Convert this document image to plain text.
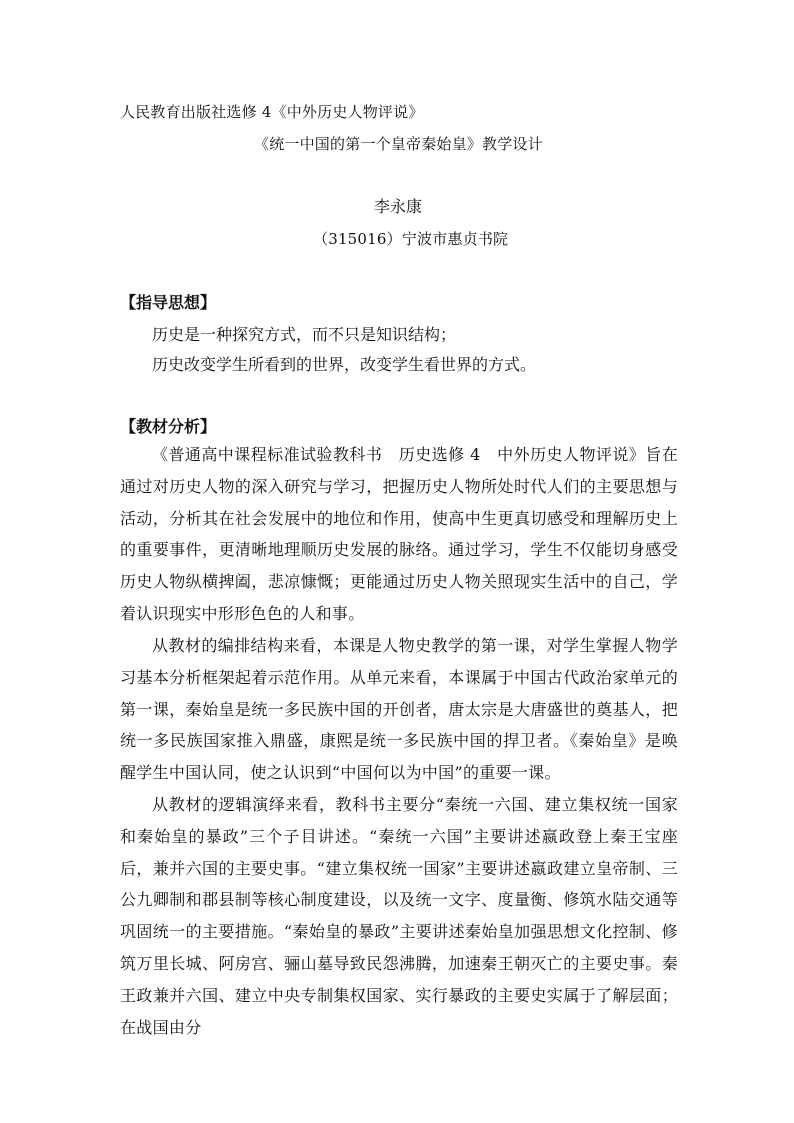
人民教育出版社选修 4《中外历史人物评说》

《统一中国的第一个皇帝秦始皇》教学设计

李永康

（315016）宁波市惠贞书院

【指导思想】

历史是一种探究方式，而不只是知识结构；

历史改变学生所看到的世界，改变学生看世界的方式。

【教材分析】

《普通高中课程标准试验教科书　历史选修 4　中外历史人物评说》旨在通过对历史人物的深入研究与学习，把握历史人物所处时代人们的主要思想与活动，分析其在社会发展中的地位和作用，使高中生更真切感受和理解历史上的重要事件，更清晰地理顺历史发展的脉络。通过学习，学生不仅能切身感受历史人物纵横捭阖，悲凉慷慨；更能通过历史人物关照现实生活中的自己，学着认识现实中形形色色的人和事。

从教材的编排结构来看，本课是人物史教学的第一课，对学生掌握人物学习基本分析框架起着示范作用。从单元来看，本课属于中国古代政治家单元的第一课，秦始皇是统一多民族中国的开创者，唐太宗是大唐盛世的奠基人，把统一多民族国家推入鼎盛，康熙是统一多民族中国的捍卫者。《秦始皇》是唤醒学生中国认同，使之认识到“中国何以为中国”的重要一课。

从教材的逻辑演绎来看，教科书主要分“秦统一六国、建立集权统一国家和秦始皇的暴政”三个子目讲述。“秦统一六国”主要讲述嬴政登上秦王宝座后，兼并六国的主要史事。“建立集权统一国家”主要讲述嬴政建立皇帝制、三公九卿制和郡县制等核心制度建设，以及统一文字、度量衡、修筑水陆交通等巩固统一的主要措施。“秦始皇的暴政”主要讲述秦始皇加强思想文化控制、修筑万里长城、阿房宫、骊山墓导致民怨沸腾，加速秦王朝灭亡的主要史事。秦王政兼并六国、建立中央专制集权国家、实行暴政的主要史实属于了解层面；在战国由分
